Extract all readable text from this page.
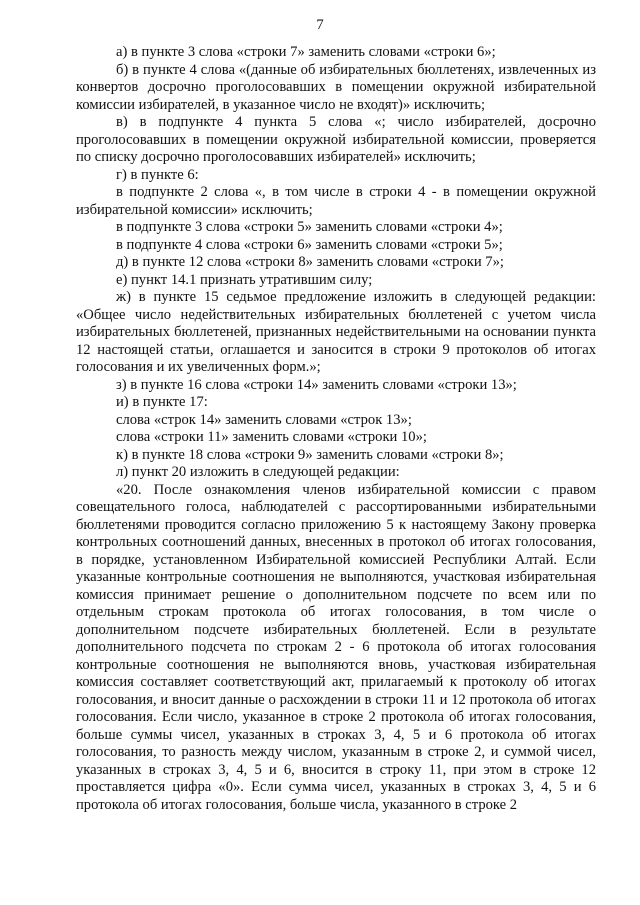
7

а) в пункте 3 слова «строки 7» заменить словами «строки 6»;

б) в пункте 4 слова «(данные об избирательных бюллетенях, извлеченных из конвертов досрочно проголосовавших в помещении окружной избирательной комиссии избирателей, в указанное число не входят)» исключить;

в) в подпункте 4 пункта 5 слова «; число избирателей, досрочно проголосовавших в помещении окружной избирательной комиссии, проверяется по списку досрочно проголосовавших избирателей» исключить;

г) в пункте 6:

в подпункте 2 слова «, в том числе в строки 4 - в помещении окружной избирательной комиссии» исключить;

в подпункте 3 слова «строки 5» заменить словами «строки 4»;

в подпункте 4 слова «строки 6» заменить словами «строки 5»;

д) в пункте 12 слова «строки 8» заменить словами «строки 7»;

е) пункт 14.1 признать утратившим силу;

ж) в пункте 15 седьмое предложение изложить в следующей редакции: «Общее число недействительных избирательных бюллетеней с учетом числа избирательных бюллетеней, признанных недействительными на основании пункта 12 настоящей статьи, оглашается и заносится в строки 9 протоколов об итогах голосования и их увеличенных форм.»;

з) в пункте 16 слова «строки 14» заменить словами «строки 13»;

и) в пункте 17:

слова «строк 14» заменить словами «строк 13»;

слова «строки 11» заменить словами «строки 10»;

к) в пункте 18 слова «строки 9» заменить словами «строки 8»;

л) пункт 20 изложить в следующей редакции:

«20. После ознакомления членов избирательной комиссии с правом совещательного голоса, наблюдателей с рассортированными избирательными бюллетенями проводится согласно приложению 5 к настоящему Закону проверка контрольных соотношений данных, внесенных в протокол об итогах голосования, в порядке, установленном Избирательной комиссией Республики Алтай. Если указанные контрольные соотношения не выполняются, участковая избирательная комиссия принимает решение о дополнительном подсчете по всем или по отдельным строкам протокола об итогах голосования, в том числе о дополнительном подсчете избирательных бюллетеней. Если в результате дополнительного подсчета по строкам 2 - 6 протокола об итогах голосования контрольные соотношения не выполняются вновь, участковая избирательная комиссия составляет соответствующий акт, прилагаемый к протоколу об итогах голосования, и вносит данные о расхождении в строки 11 и 12 протокола об итогах голосования. Если число, указанное в строке 2 протокола об итогах голосования, больше суммы чисел, указанных в строках 3, 4, 5 и 6 протокола об итогах голосования, то разность между числом, указанным в строке 2, и суммой чисел, указанных в строках 3, 4, 5 и 6, вносится в строку 11, при этом в строке 12 проставляется цифра «0». Если сумма чисел, указанных в строках 3, 4, 5 и 6 протокола об итогах голосования, больше числа, указанного в строке 2
